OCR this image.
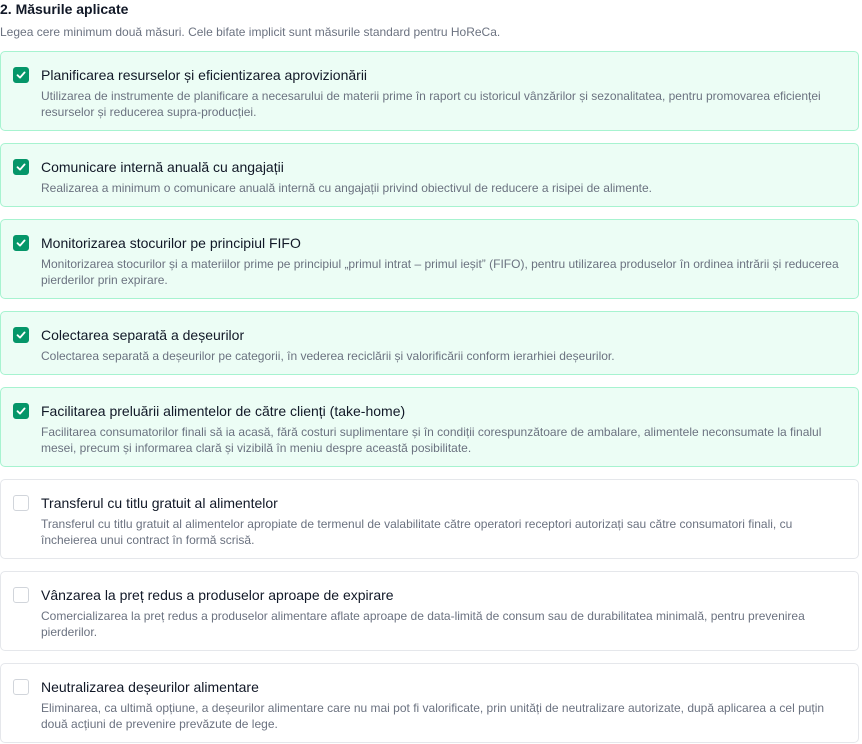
2. Măsurile aplicate
Legea cere minimum două măsuri. Cele bifate implicit sunt măsurile standard pentru HoReCa.
Planificarea resurselor și eficientizarea aprovizionării
Utilizarea de instrumente de planificare a necesarului de materii prime în raport cu istoricul vânzărilor și sezonalitatea, pentru promovarea eficienței resurselor și reducerea supra-producției.
Comunicare internă anuală cu angajații
Realizarea a minimum o comunicare anuală internă cu angajații privind obiectivul de reducere a risipei de alimente.
Monitorizarea stocurilor pe principiul FIFO
Monitorizarea stocurilor și a materiilor prime pe principiul „primul intrat – primul ieșit” (FIFO), pentru utilizarea produselor în ordinea intrării și reducerea pierderilor prin expirare.
Colectarea separată a deșeurilor
Colectarea separată a deșeurilor pe categorii, în vederea reciclării și valorificării conform ierarhiei deșeurilor.
Facilitarea preluării alimentelor de către clienți (take-home)
Facilitarea consumatorilor finali să ia acasă, fără costuri suplimentare și în condiții corespunzătoare de ambalare, alimentele neconsumate la finalul mesei, precum și informarea clară și vizibilă în meniu despre această posibilitate.
Transferul cu titlu gratuit al alimentelor
Transferul cu titlu gratuit al alimentelor apropiate de termenul de valabilitate către operatori receptori autorizați sau către consumatori finali, cu încheierea unui contract în formă scrisă.
Vânzarea la preț redus a produselor aproape de expirare
Comercializarea la preț redus a produselor alimentare aflate aproape de data-limită de consum sau de durabilitatea minimală, pentru prevenirea pierderilor.
Neutralizarea deșeurilor alimentare
Eliminarea, ca ultimă opțiune, a deșeurilor alimentare care nu mai pot fi valorificate, prin unități de neutralizare autorizate, după aplicarea a cel puțin două acțiuni de prevenire prevăzute de lege.
